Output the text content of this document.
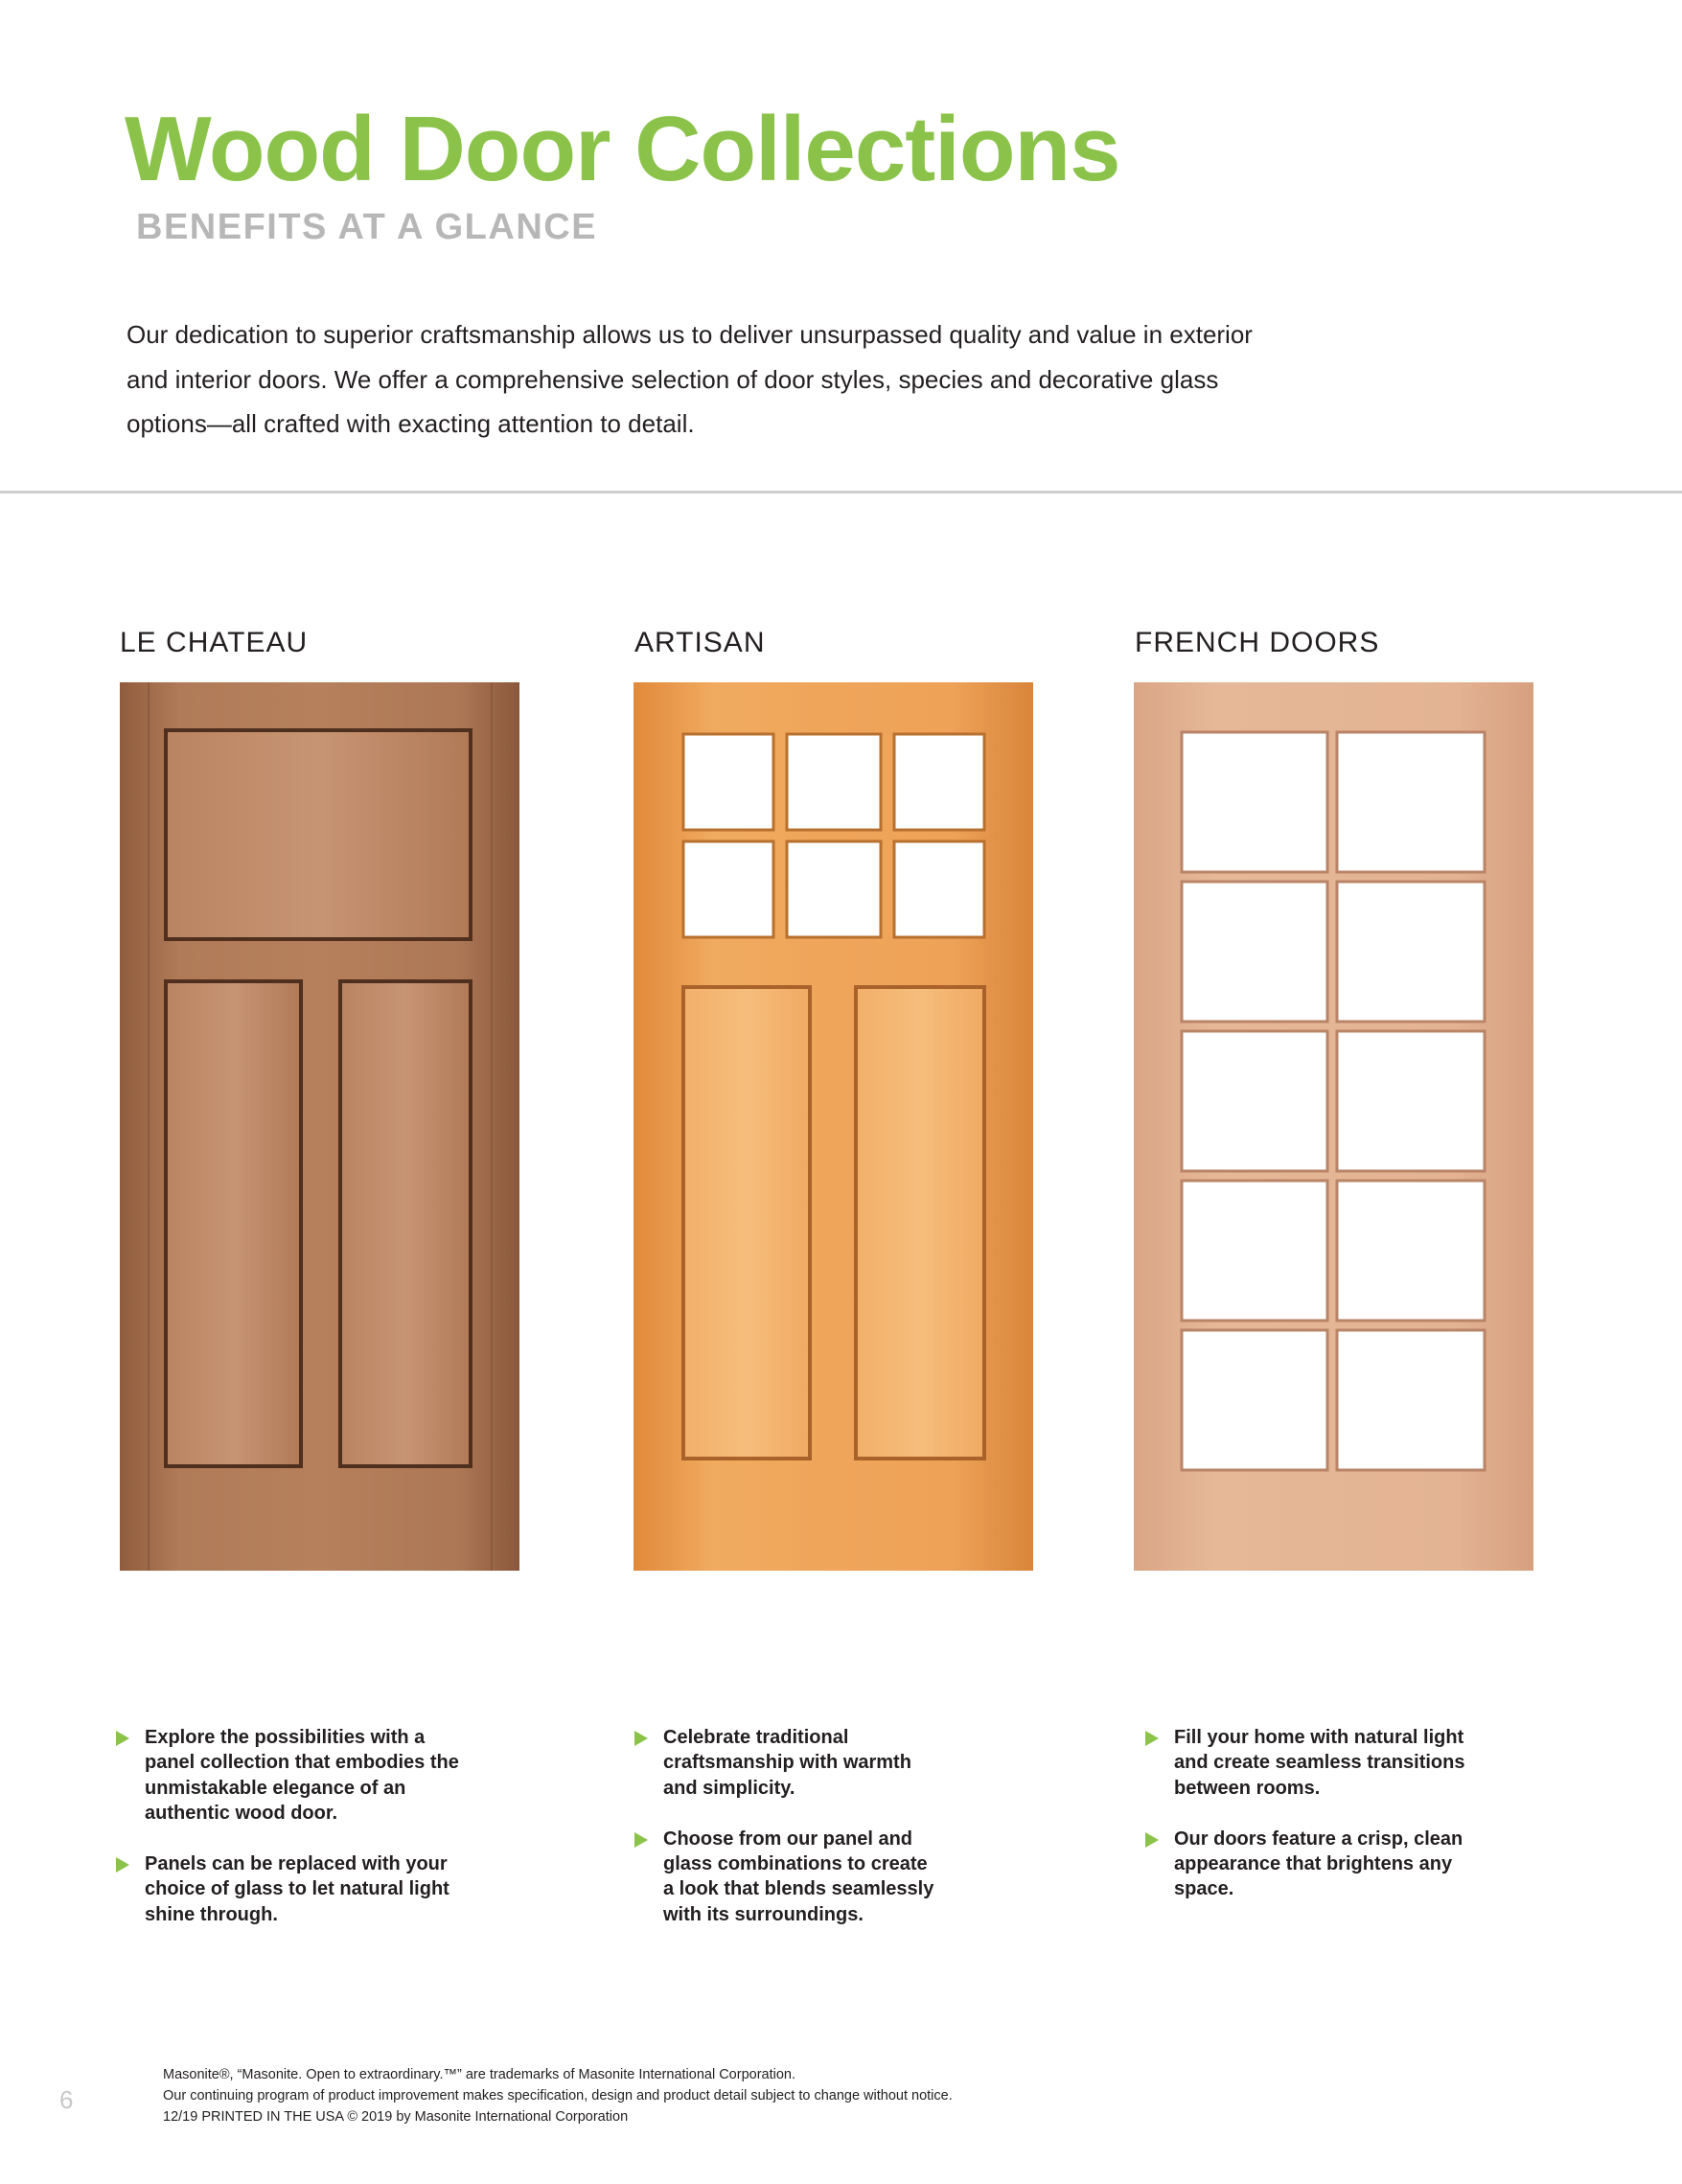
Wood Door Collections
BENEFITS AT A GLANCE

Our dedication to superior craftsmanship allows us to deliver unsurpassed quality and value in exterior and interior doors. We offer a comprehensive selection of door styles, species and decorative glass options—all crafted with exacting attention to detail.

LE CHATEAU
Explore the possibilities with a panel collection that embodies the unmistakable elegance of an authentic wood door.
Panels can be replaced with your choice of glass to let natural light shine through.
ARTISAN
Celebrate traditional craftsmanship with warmth and simplicity.
Choose from our panel and glass combinations to create a look that blends seamlessly with its surroundings.
FRENCH DOORS
Fill your home with natural light and create seamless transitions between rooms.
Our doors feature a crisp, clean appearance that brightens any space.

6

Masonite®, “Masonite. Open to extraordinary.™” are trademarks of Masonite International Corporation.
Our continuing program of product improvement makes specification, design and product detail subject to change without notice.
12/19 PRINTED IN THE USA © 2019 by Masonite International Corporation
